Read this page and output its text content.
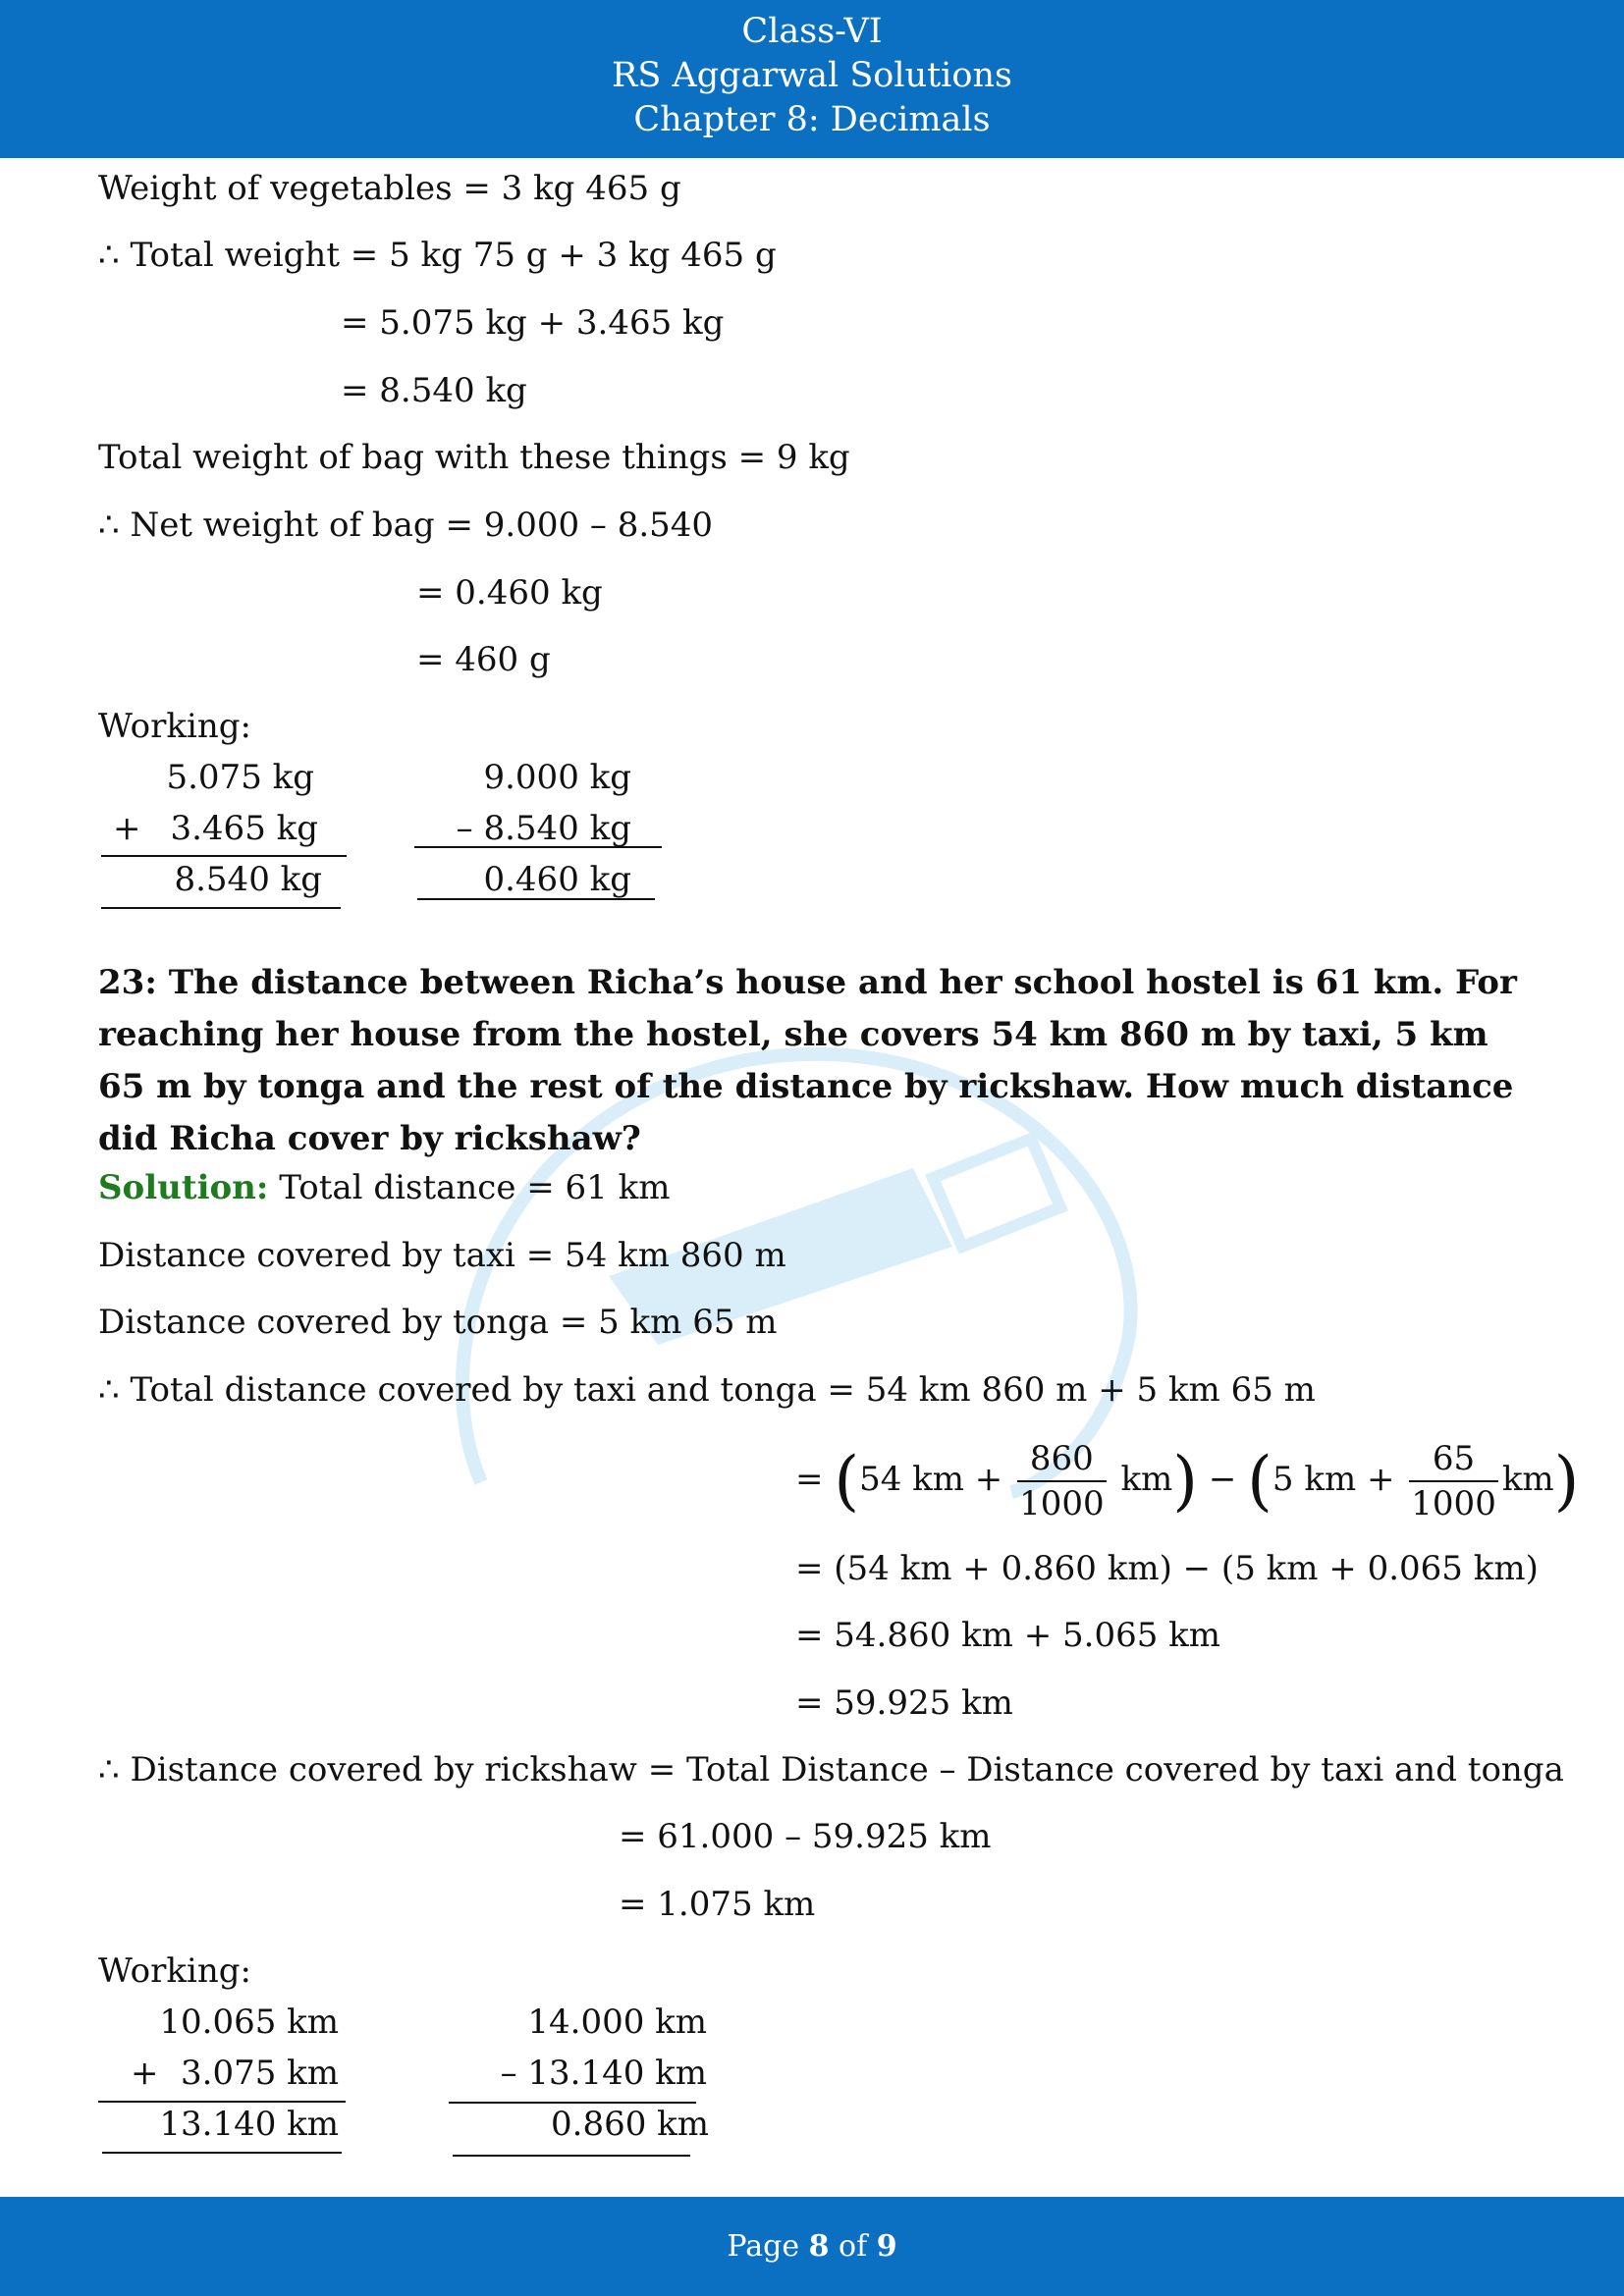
Class-VI
RS Aggarwal Solutions
Chapter 8: Decimals
Weight of vegetables = 3 kg 465 g
∴ Total weight = 5 kg 75 g + 3 kg 465 g
= 5.075 kg + 3.465 kg
= 8.540 kg
Total weight of bag with these things = 9 kg
∴ Net weight of bag = 9.000 – 8.540
= 0.460 kg
= 460 g
Working:
5.075 kg
+ 3.465 kg
8.540 kg
9.000 kg
– 8.540 kg
0.460 kg
23: The distance between Richa’s house and her school hostel is 61 km. For reaching her house from the hostel, she covers 54 km 860 m by taxi, 5 km 65 m by tonga and the rest of the distance by rickshaw. How much distance did Richa cover by rickshaw?
Solution: Total distance = 61 km
Distance covered by taxi = 54 km 860 m
Distance covered by tonga = 5 km 65 m
∴ Total distance covered by taxi and tonga = 54 km 860 m + 5 km 65 m
= (54 km + $\frac{860}{1000} km) - (5$ km + $\frac{65}{1000} km$)
= (54 km + 0.860 km) − (5 km + 0.065 km)
= 54.860 km + 5.065 km
= 59.925 km
∴ Distance covered by rickshaw = Total Distance – Distance covered by taxi and tonga
= 61.000 – 59.925 km
= 1.075 km
Working:
10.065 km
+ 3.075 km
13.140 km
14.000 km
– 13.140 km
0.860 km
Page 8 of 9
